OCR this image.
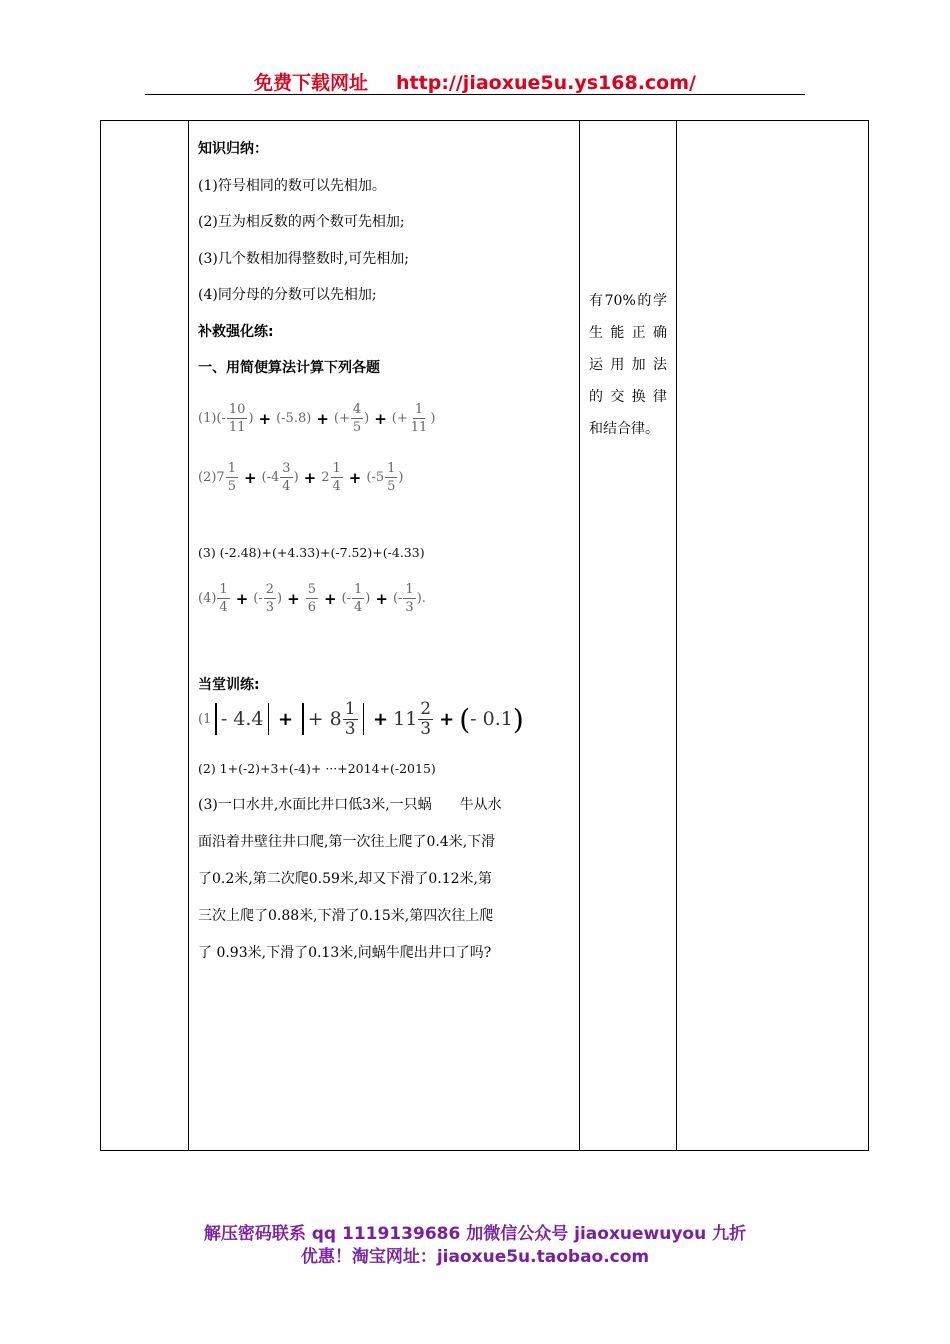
免费下载网址 http://jiaoxue5u.ys168.com/

知识归纳：
(1)符号相同的数可以先相加。
(2)互为相反数的两个数可先相加;
(3)几个数相加得整数时,可先相加;
(4)同分母的分数可以先相加;
补救强化练:
一、用简便算法计算下列各题
$(1)(- \frac{10}{11}$ ) + (-5.8) + (+ $\frac{4}{5}$ ) + (+ $\frac{1}{11}$ )
$(2)7 \frac{1}{5} + (-4 \frac{3}{4}$ ) + $2 \frac{1}{4} + (-5 \frac{1}{5}$ )
(3) (-2.48)+(+4.33)+(-7.52)+(-4.33)
$(4) \frac{1}{4}$ + (- $\frac{2}{3}$ ) + $\frac{5}{6}$ + (- $\frac{1}{4}$ ) + (- $\frac{1}{3}$ ).
当堂训练:
(1 - 4.4 + + $8 \frac{1}{3} + 11 \frac{2}{3}$ + ( - 0.1 )
(2) 1+(-2)+3+(-4)+ ···+2014+(-2015)
(3)一口水井,水面比井口低3米,一只蜗　　牛从水
面沿着井壁往井口爬,第一次往上爬了0.4米,下滑
了0.2米,第二次爬0.59米,却又下滑了0.12米,第
三次上爬了0.88米,下滑了0.15米,第四次往上爬
了 0.93米,下滑了0.13米,问蜗牛爬出井口了吗?

有70%的学
生能正确
运用加法
的交换律
和结合律。

解压密码联系 qq 1119139686 加微信公众号 jiaoxuewuyou 九折
优惠！淘宝网址：jiaoxue5u.taobao.com
